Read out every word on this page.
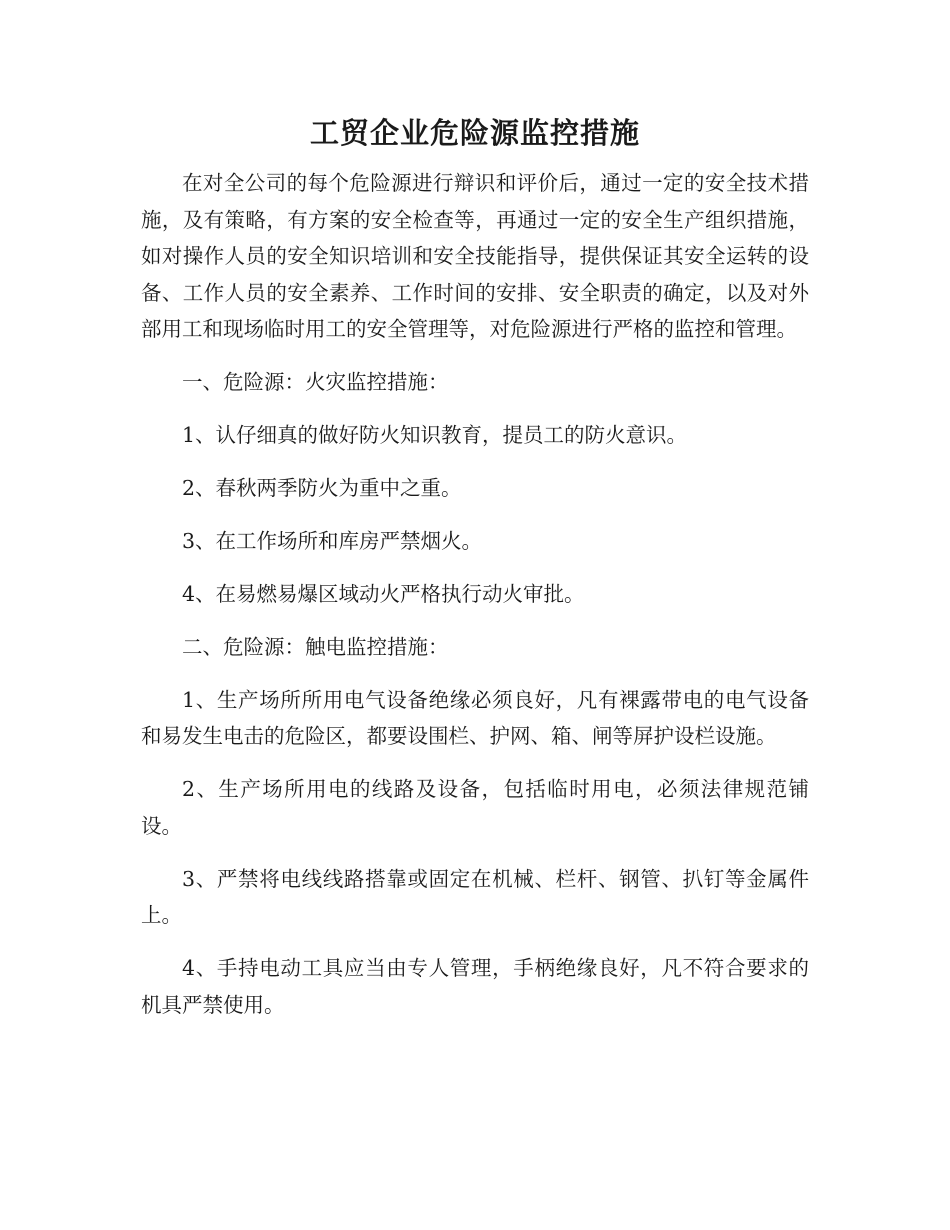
工贸企业危险源监控措施

在对全公司的每个危险源进行辩识和评价后，通过一定的安全技术措施，及有策略，有方案的安全检查等，再通过一定的安全生产组织措施，如对操作人员的安全知识培训和安全技能指导，提供保证其安全运转的设备、工作人员的安全素养、工作时间的安排、安全职责的确定，以及对外部用工和现场临时用工的安全管理等，对危险源进行严格的监控和管理。

一、危险源：火灾监控措施：

1、认仔细真的做好防火知识教育，提员工的防火意识。

2、春秋两季防火为重中之重。

3、在工作场所和库房严禁烟火。

4、在易燃易爆区域动火严格执行动火审批。

二、危险源：触电监控措施：

1、生产场所所用电气设备绝缘必须良好，凡有裸露带电的电气设备和易发生电击的危险区，都要设围栏、护网、箱、闸等屏护设栏设施。

2、生产场所用电的线路及设备，包括临时用电，必须法律规范铺设。

3、严禁将电线线路搭靠或固定在机械、栏杆、钢管、扒钉等金属件上。

4、手持电动工具应当由专人管理，手柄绝缘良好，凡不符合要求的机具严禁使用。
